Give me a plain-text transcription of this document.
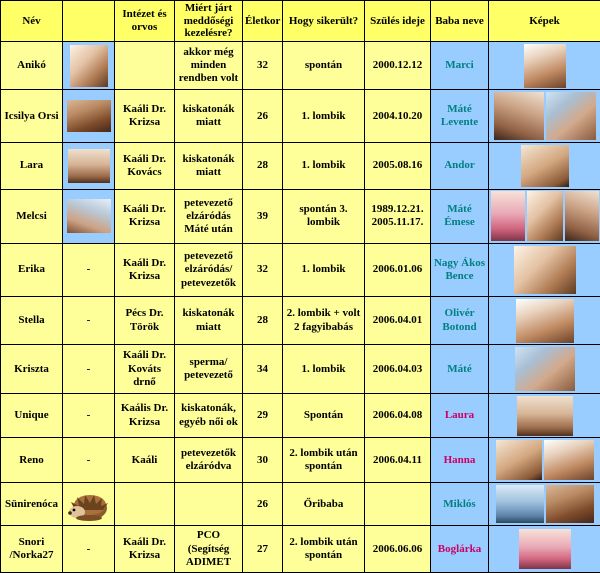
Név		Intézet és orvos	Miért járt meddőségi kezelésre?	Életkor	Hogy sikerült?	Szülés ideje	Baba neve	Képek
Anikó			akkor még minden rendben volt	32	spontán	2000.12.12	Marci	

Icsilya Orsi		Kaáli Dr. Krizsa	kiskatonák miatt	26	1. lombik	2004.10.20	Máté Levente	

Lara		Kaáli Dr. Kovács	kiskatonák miatt	28	1. lombik	2005.08.16	Andor	

Melcsi		Kaáli Dr. Krizsa	petevezető elzáródás Máté után	39	spontán 3. lombik	1989.12.21. 2005.11.17.	Máté Émese	

Erika	-	Kaáli Dr. Krizsa	petevezető elzáródás/ petevezetők	32	1. lombik	2006.01.06	Nagy Ákos Bence	

Stella	-	Pécs Dr. Török	kiskatonák miatt	28	2. lombik + volt 2 fagyibabás	2006.04.01	Olivér Botond	

Kriszta	-	Kaáli Dr. Kováts drnő	sperma/ petevezető	34	1. lombik	2006.04.03	Máté	

Unique	-	Kaális Dr. Krizsa	kiskatonák, egyéb női ok	29	Spontán	2006.04.08	Laura	

Reno	-	Kaáli	petevezetők elzáródva	30	2. lombik után spontán	2006.04.11	Hanna	

Sünirenóca				26	Őribaba		Miklós	

Snori /Norka27	-	Kaáli Dr. Krizsa	PCO (Segítség ADIMET	27	2. lombik után spontán	2006.06.06	Boglárka	
